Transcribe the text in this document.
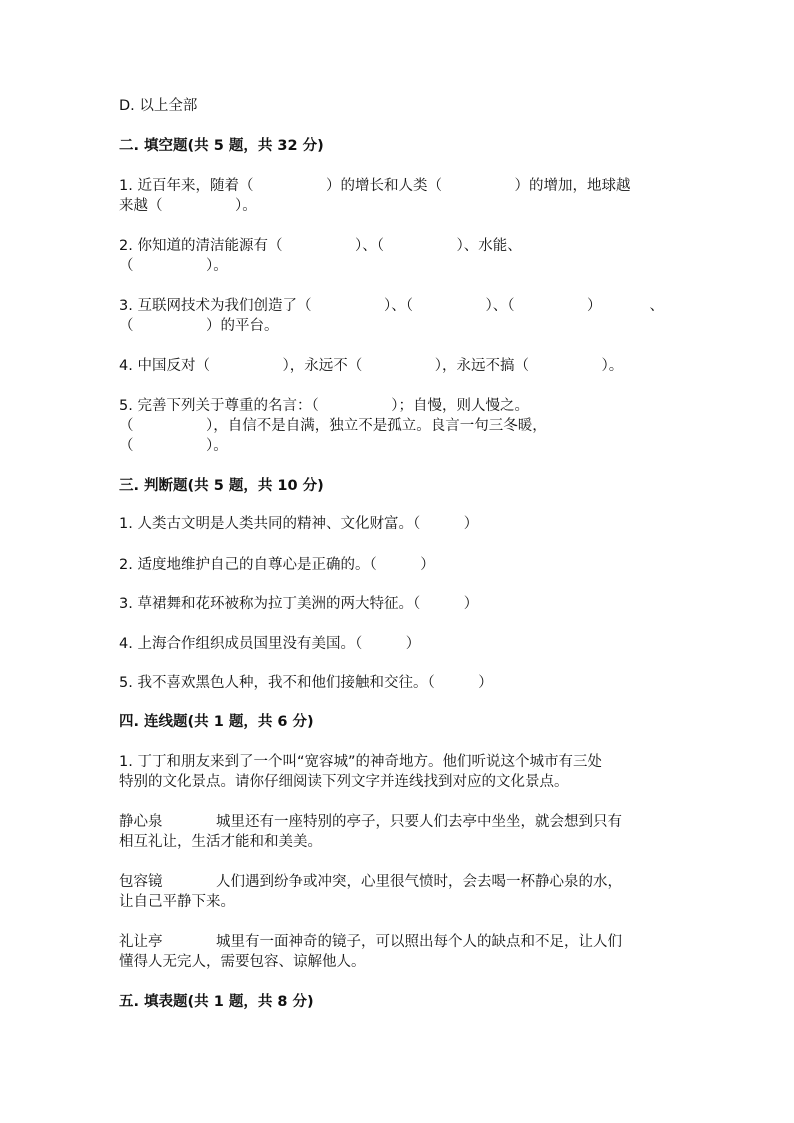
D. 以上全部
二. 填空题(共 5 题，共 32 分)
1. 近百年来，随着（　　　　　）的增长和人类（　　　　　）的增加，地球越
来越（　　　　　）。
2. 你知道的清洁能源有（　　　　　）、（　　　　　）、水能、
（　　　　　）。
3. 互联网技术为我们创造了（　　　　　）、（　　　　　）、（　　　　　）	、
（　　　　　）的平台。
4. 中国反对（　　　　　），永远不（　　　　　），永远不搞（　　　　　）。
5. 完善下列关于尊重的名言：（　　　　　）；自慢，则人慢之。
（　　　　　），自信不是自满，独立不是孤立。良言一句三冬暖，
（　　　　　）。
三. 判断题(共 5 题，共 10 分)
1. 人类古文明是人类共同的精神、文化财富。（　　　）
2. 适度地维护自己的自尊心是正确的。（　　　）
3. 草裙舞和花环被称为拉丁美洲的两大特征。（　　　）
4. 上海合作组织成员国里没有美国。（　　　）
5. 我不喜欢黑色人种，我不和他们接触和交往。（　　　）
四. 连线题(共 1 题，共 6 分)
1. 丁丁和朋友来到了一个叫“宽容城”的神奇地方。他们听说这个城市有三处
特别的文化景点。请你仔细阅读下列文字并连线找到对应的文化景点。
静心泉	城里还有一座特别的亭子，只要人们去亭中坐坐，就会想到只有
相互礼让，生活才能和和美美。
包容镜	人们遇到纷争或冲突，心里很气愤时，会去喝一杯静心泉的水，
让自己平静下来。
礼让亭	城里有一面神奇的镜子，可以照出每个人的缺点和不足，让人们
懂得人无完人，需要包容、谅解他人。
五. 填表题(共 1 题，共 8 分)
